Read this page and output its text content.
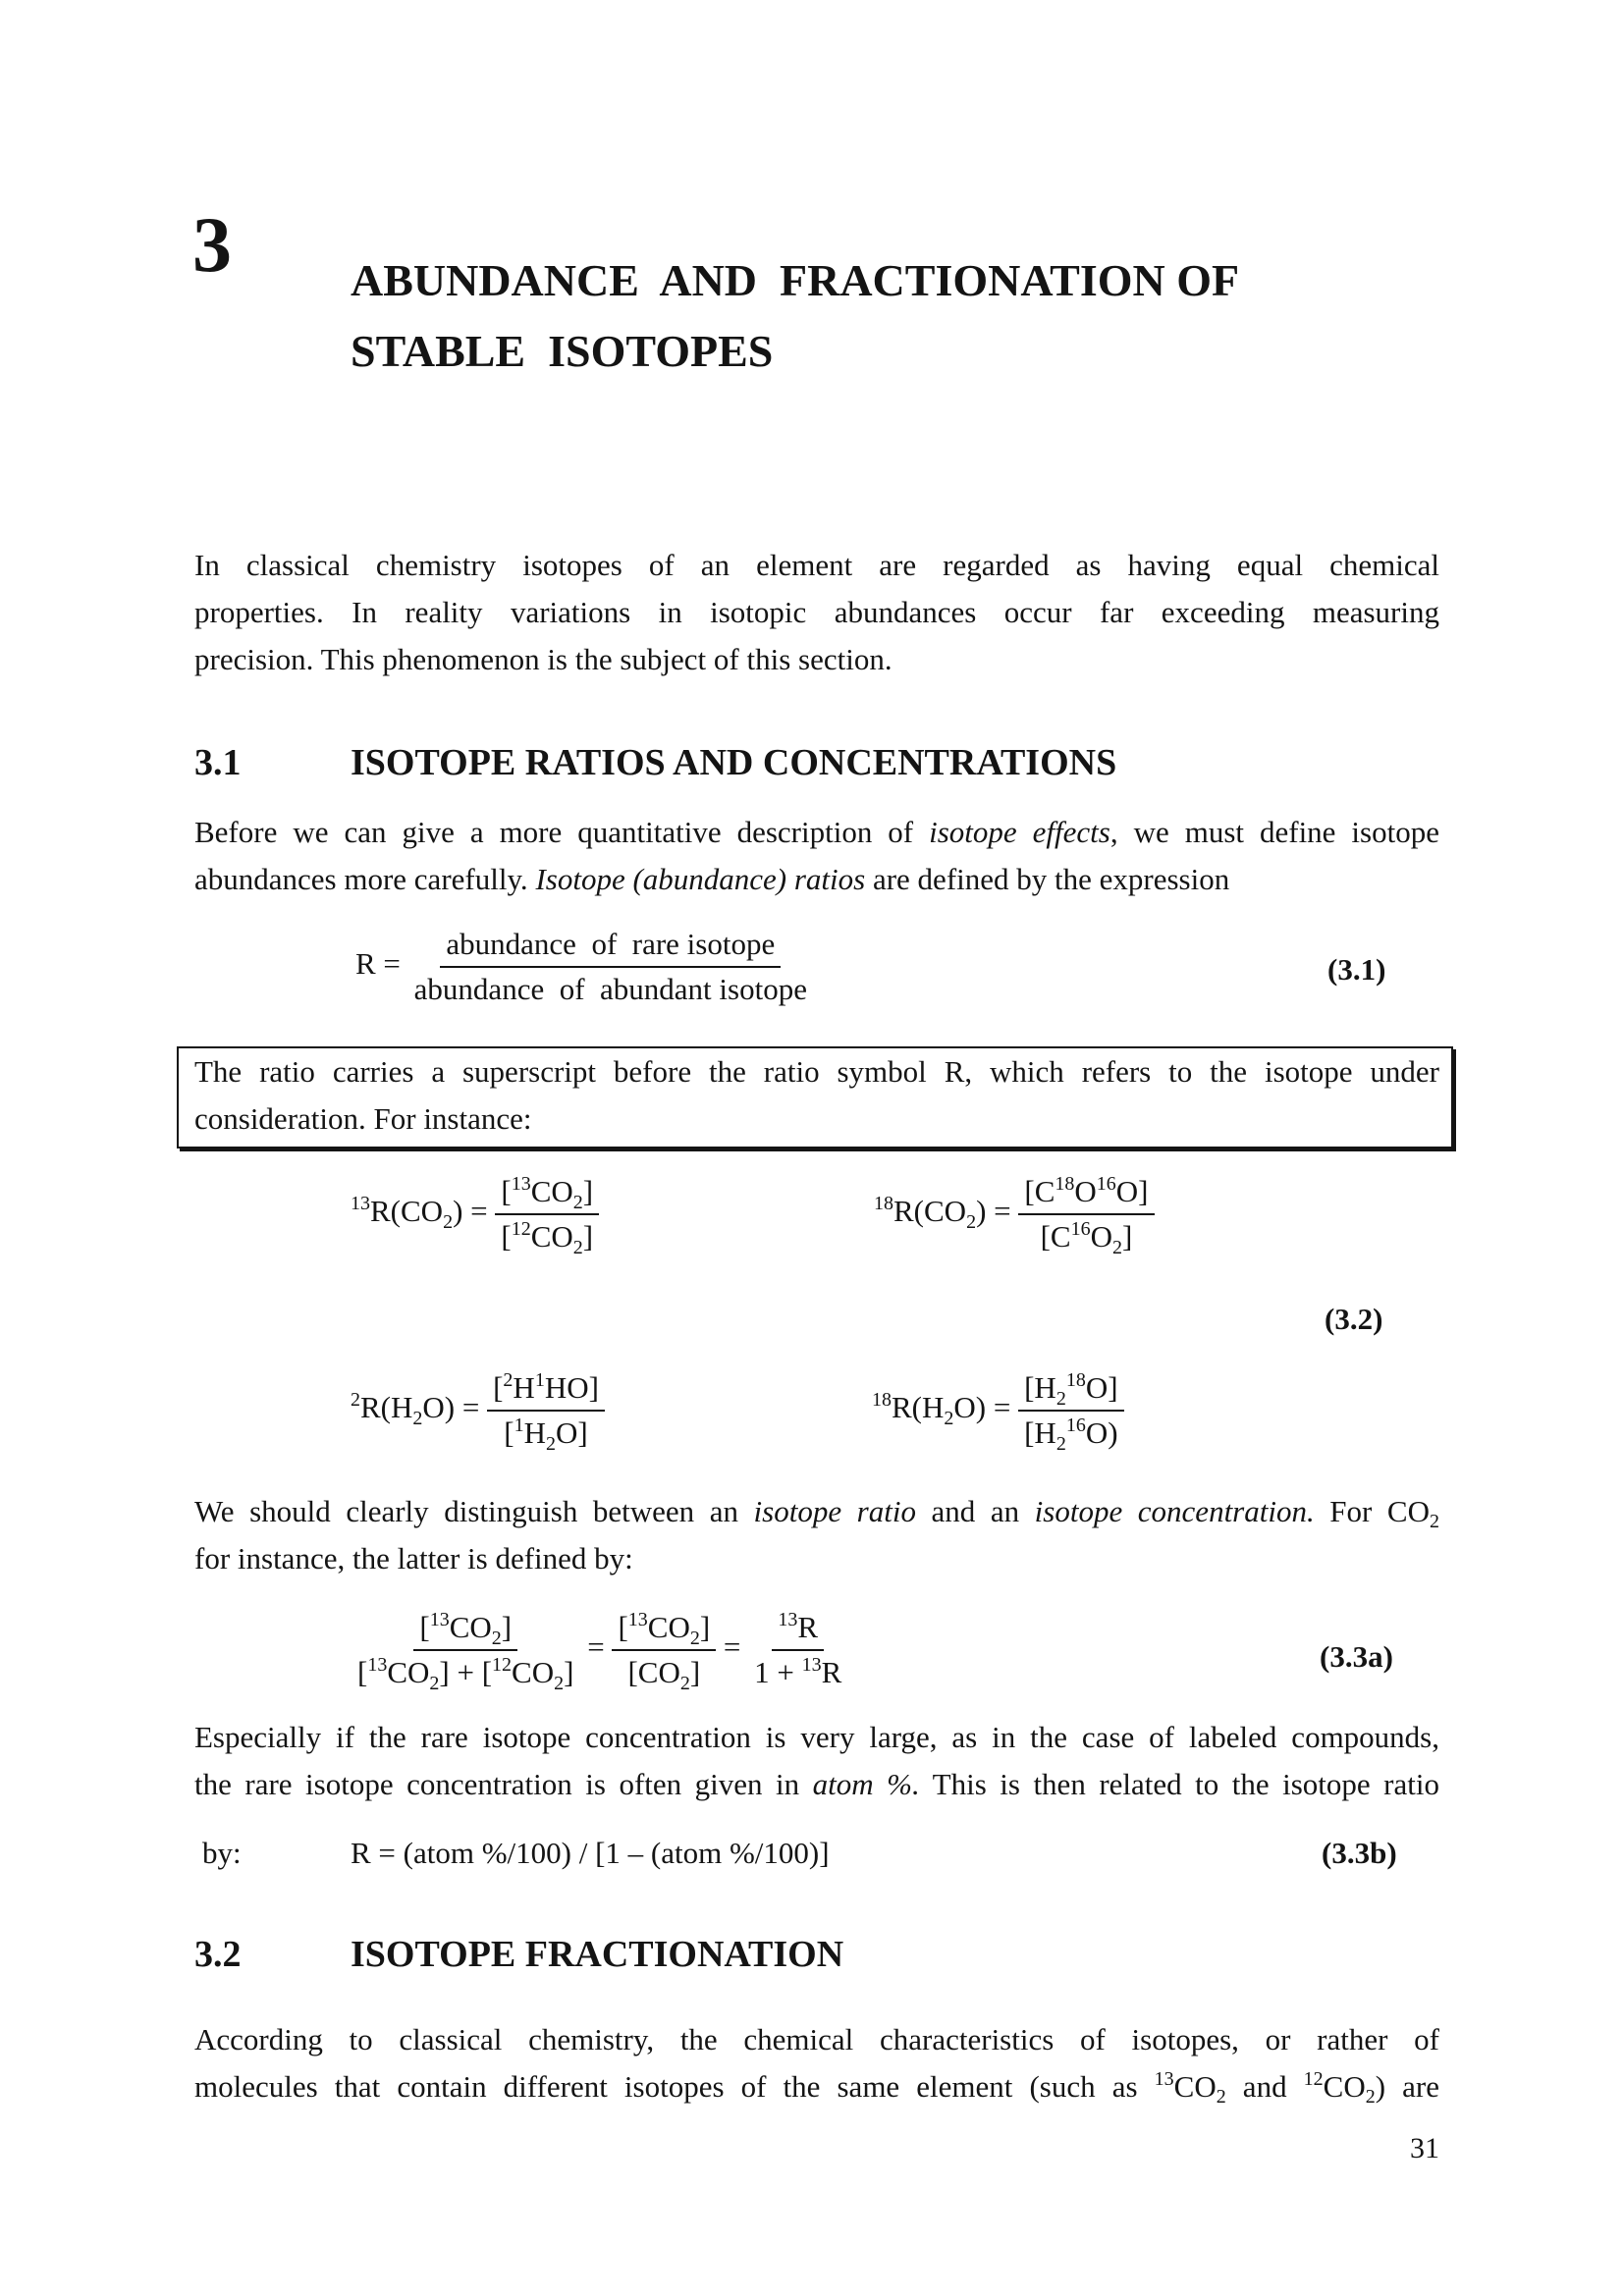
3	ABUNDANCE  AND  FRACTIONATION OF
STABLE  ISOTOPES
In classical chemistry isotopes of an element are regarded as having equal chemical
properties. In reality variations in isotopic abundances occur far exceeding measuring
precision. This phenomenon is the subject of this section.
3.1	ISOTOPE RATIOS AND CONCENTRATIONS
Before we can give a more quantitative description of isotope effects, we must define isotope
abundances more carefully. Isotope (abundance) ratios are defined by the expression
$R = \frac{\text{abundance  of  rare isotope}}{\text{abundance  of  abundant isotope}}$	(3.1)
The ratio carries a superscript before the ratio symbol R, which refers to the isotope under
consideration. For instance:
$^{13}R(CO_2) = \frac{[^{13}CO_2]}{[^{12}CO_2]}$	$^{18}R(CO_2) = \frac{[C^{18}O^{16}O]}{[C^{16}O_2]}$
(3.2)
$^2R(H_2O) = \frac{[^2H^1HO]}{[^1H_2O]}$	$^{18}R(H_2O) = \frac{[H_2^{18}O]}{[H_2^{16}O)}$
We should clearly distinguish between an isotope ratio and an isotope concentration. For $CO_2$
for instance, the latter is defined by:
$\frac{[^{13}CO_2]}{[^{13}CO_2] + [^{12}CO_2]} = \frac{[^{13}CO_2]}{[CO_2]} = \frac{^{13}R}{1 + ^{13}R}$	(3.3a)
Especially if the rare isotope concentration is very large, as in the case of labeled compounds,
the rare isotope concentration is often given in atom %. This is then related to the isotope ratio
by:	R = (atom %/100) / [1 – (atom %/100)]	(3.3b)
3.2	ISOTOPE FRACTIONATION
According to classical chemistry, the chemical characteristics of isotopes, or rather of
molecules that contain different isotopes of the same element (such as $^{13}CO_2$ and $^{12}CO_2$) are
31
